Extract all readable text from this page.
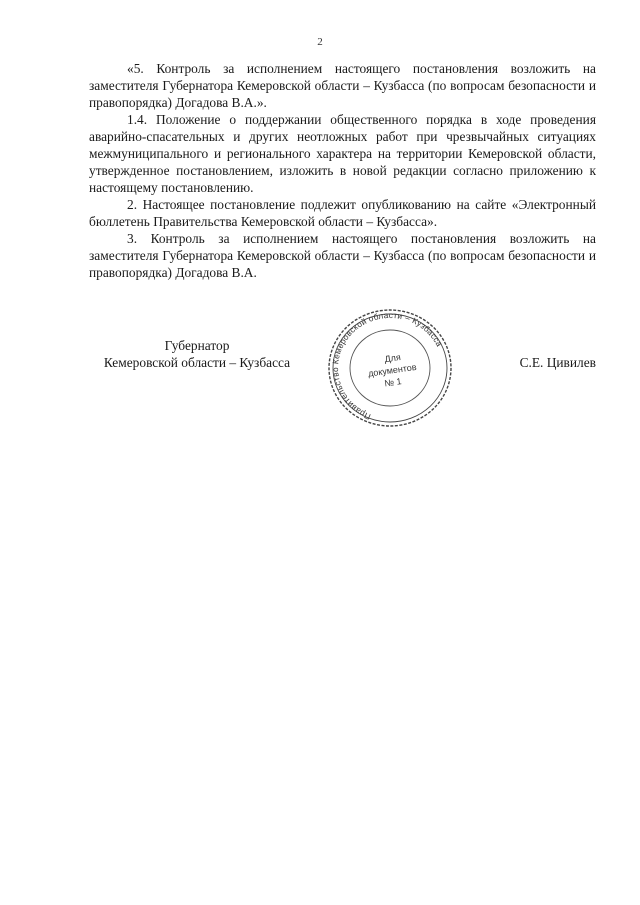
2

«5. Контроль за исполнением настоящего постановления возложить на заместителя Губернатора Кемеровской области – Кузбасса (по вопросам безопасности и правопорядка) Догадова В.А.».

1.4. Положение о поддержании общественного порядка в ходе проведения аварийно-спасательных и других неотложных работ при чрезвычайных ситуациях межмуниципального и регионального характера на территории Кемеровской области, утвержденное постановлением, изложить в новой редакции согласно приложению к настоящему постановлению.

2. Настоящее постановление подлежит опубликованию на сайте «Электронный бюллетень Правительства Кемеровской области – Кузбасса».

3. Контроль за исполнением настоящего постановления возложить на заместителя Губернатора Кемеровской области – Кузбасса (по вопросам безопасности и правопорядка) Догадова В.А.

Губернатор
Кемеровской области – Кузбасса
Правительство Кемеровской области – Кузбасса
Для
документов
№ 1
С.Е. Цивилев
